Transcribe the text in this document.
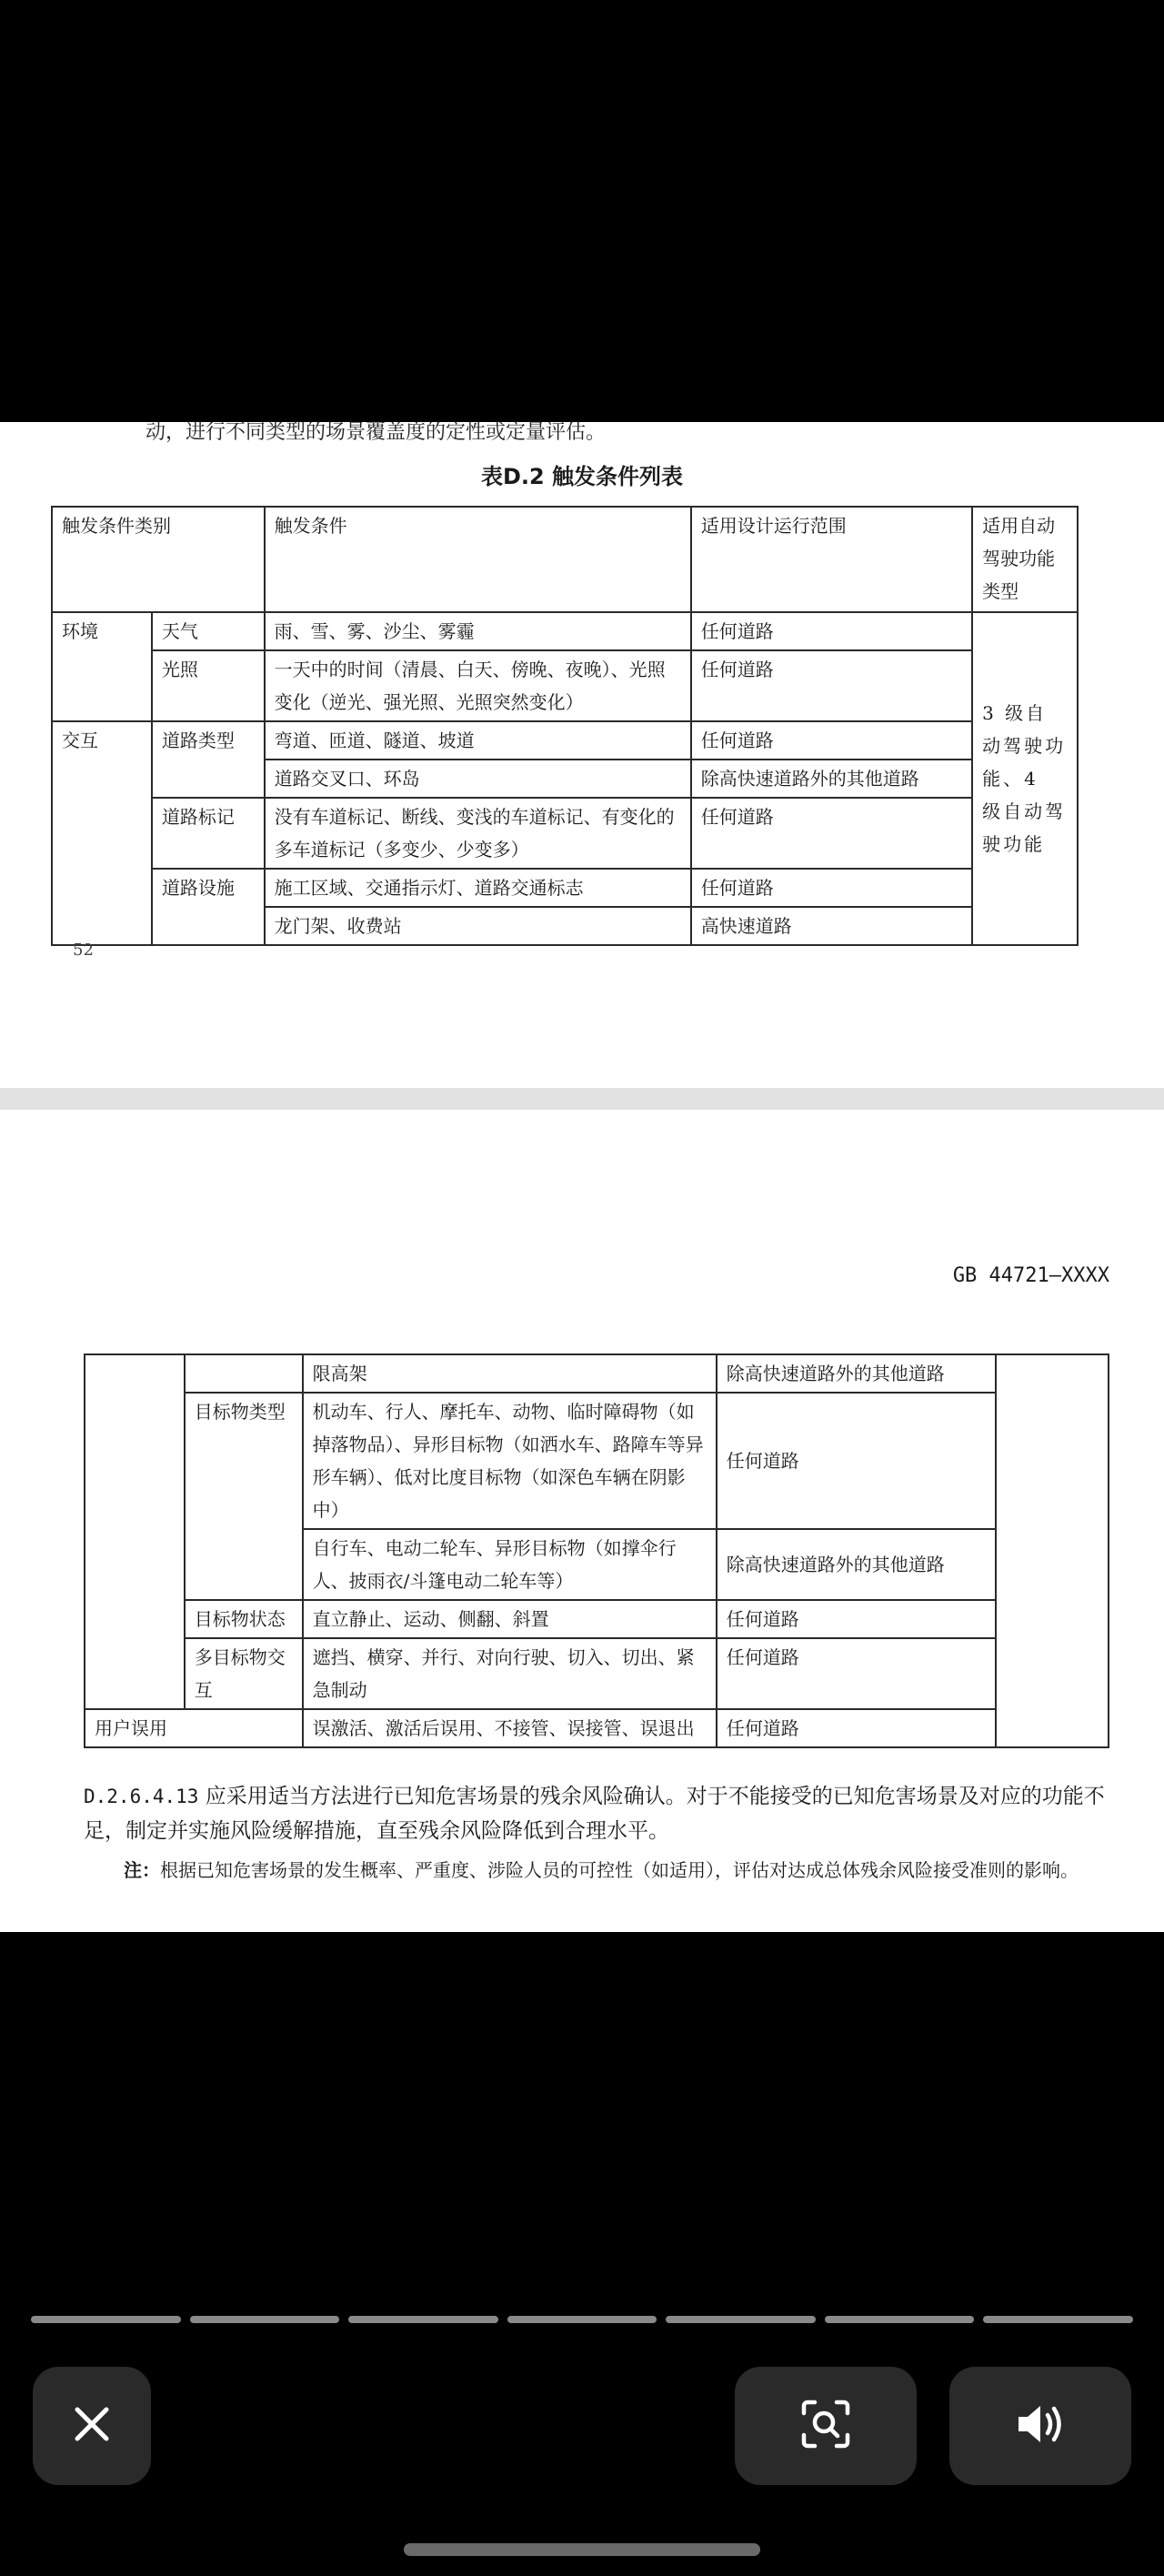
动，进行不同类型的场景覆盖度的定性或定量评估。
表D.2 触发条件列表
触发条件类别		触发条件	适用设计运行范围	适用自动驾驶功能类型
环境	天气	雨、雪、雾、沙尘、雾霾	任何道路	3 级自动驾驶功能、4 级自动驾驶功能
	光照	一天中的时间（清晨、白天、傍晚、夜晚）、光照变化（逆光、强光照、光照突然变化）	任何道路	
交互	道路类型	弯道、匝道、隧道、坡道	任何道路	
		道路交叉口、环岛	除高快速道路外的其他道路	
	道路标记	没有车道标记、断线、变浅的车道标记、有变化的多车道标记（多变少、少变多）	任何道路	
	道路设施	施工区域、交通指示灯、道路交通标志	任何道路	
		龙门架、收费站	高快速道路	
52
GB 44721—XXXX
		限高架	除高快速道路外的其他道路	
	目标物类型	机动车、行人、摩托车、动物、临时障碍物（如掉落物品）、异形目标物（如洒水车、路障车等异形车辆）、低对比度目标物（如深色车辆在阴影中）	任何道路	
		自行车、电动二轮车、异形目标物（如撑伞行人、披雨衣/斗篷电动二轮车等）	除高快速道路外的其他道路	
	目标物状态	直立静止、运动、侧翻、斜置	任何道路	
	多目标物交互	遮挡、横穿、并行、对向行驶、切入、切出、紧急制动	任何道路	
用户误用		误激活、激活后误用、不接管、误接管、误退出	任何道路	
D.2.6.4.13 应采用适当方法进行已知危害场景的残余风险确认。对于不能接受的已知危害场景及对应的功能不足，制定并实施风险缓解措施，直至残余风险降低到合理水平。
注：根据已知危害场景的发生概率、严重度、涉险人员的可控性（如适用），评估对达成总体残余风险接受准则的影响。
